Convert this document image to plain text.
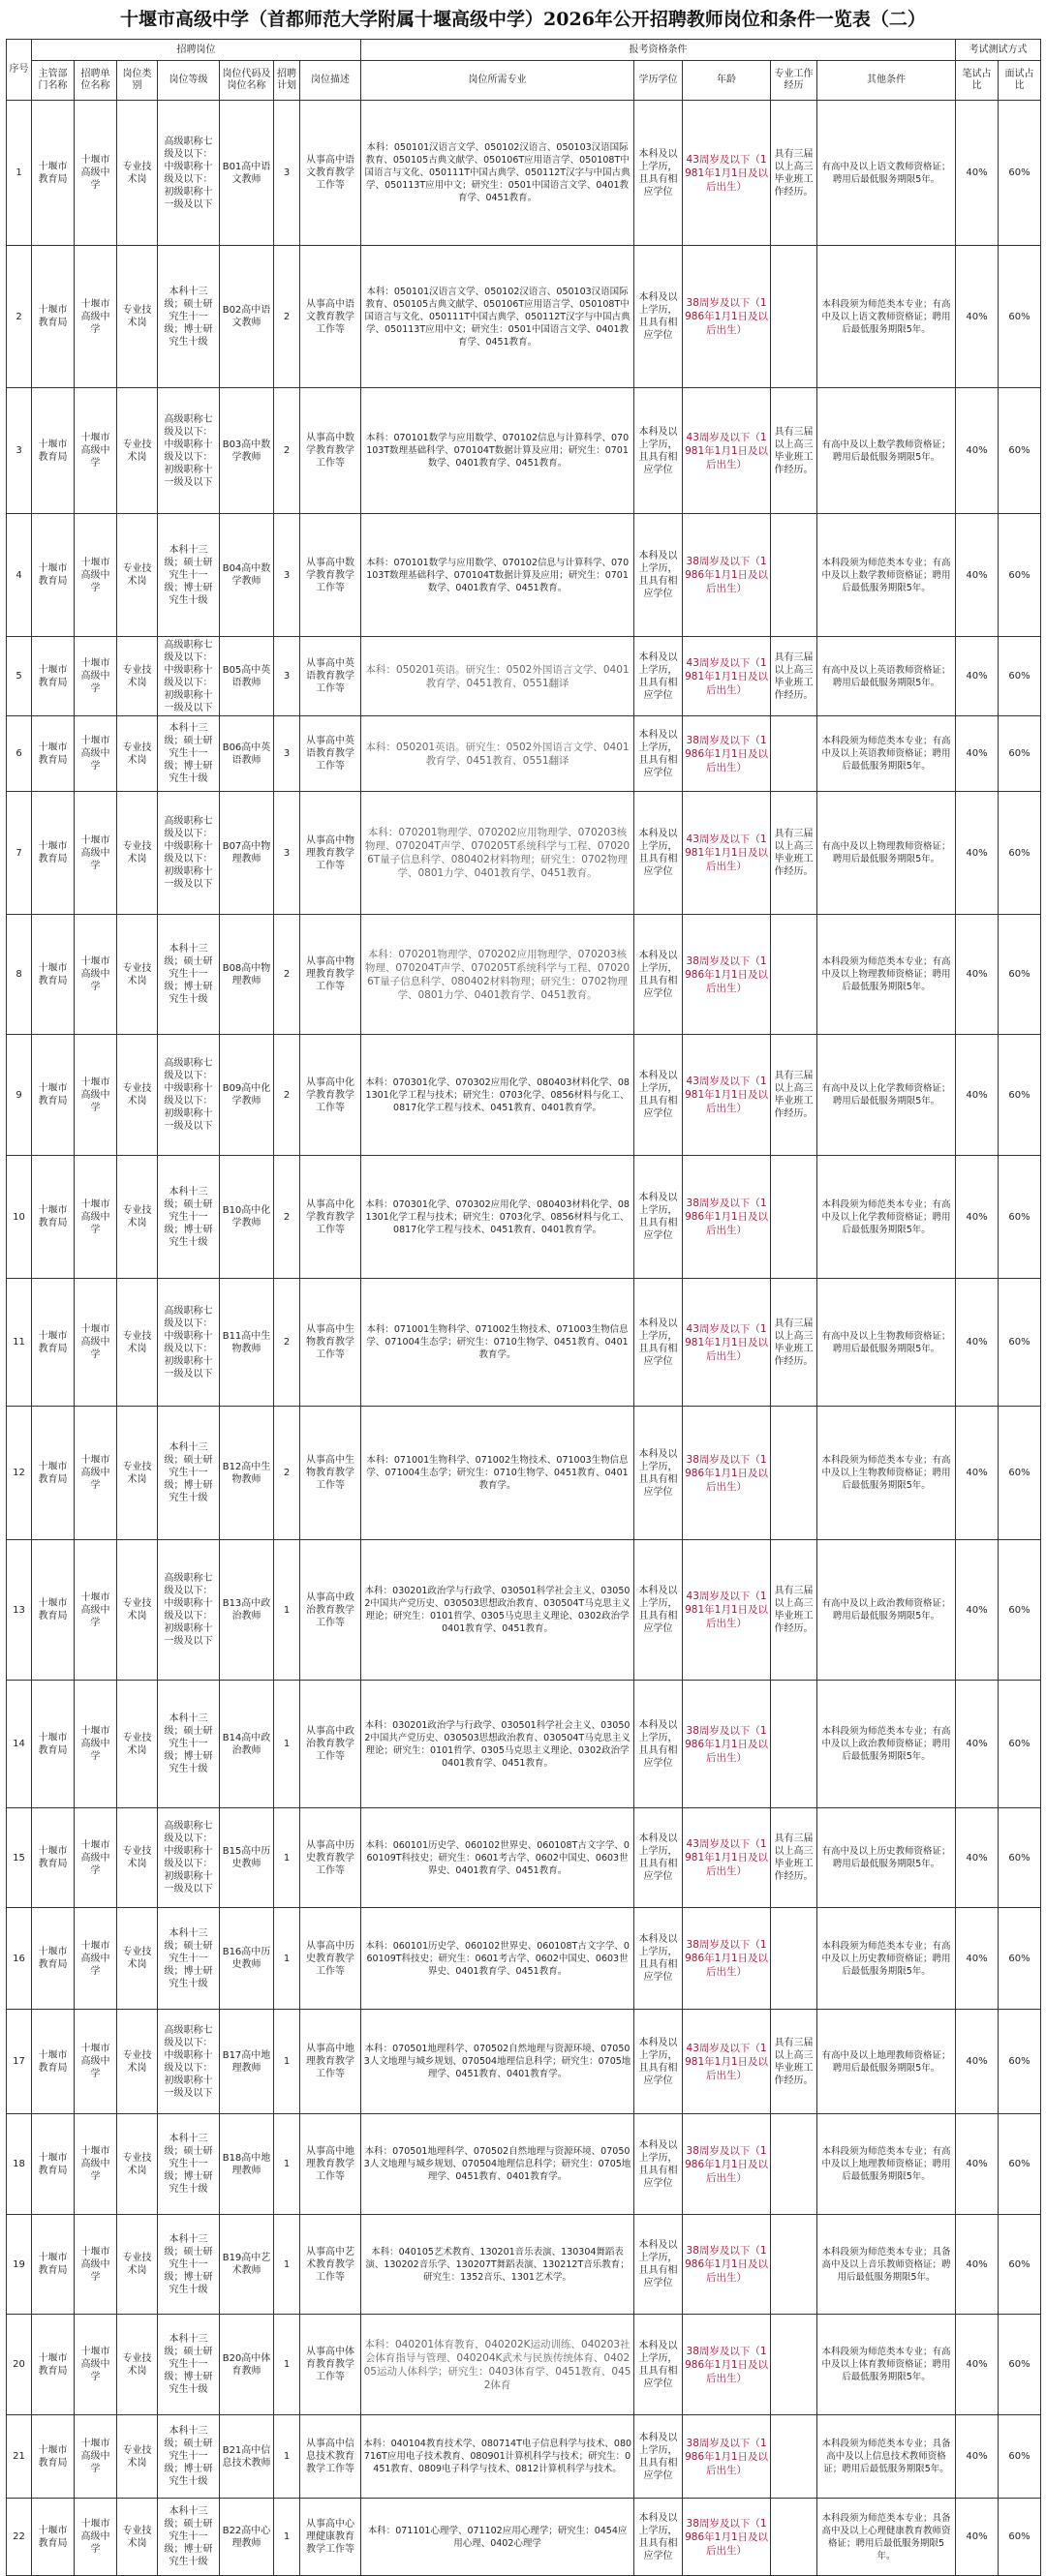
十堰市高级中学（首都师范大学附属十堰高级中学）2026年公开招聘教师岗位和条件一览表（二）
序号	招聘岗位							报考资格条件					考试测试方式	
	主管部门名称	招聘单位名称	岗位类别	岗位等级	岗位代码及岗位名称	招聘计划	岗位描述	岗位所需专业	学历学位	年龄	专业工作经历	其他条件	笔试占比	面试占比
1	十堰市教育局	十堰市高级中学	专业技术岗	高级职称七级及以下：中级职称十级及以下：初级职称十一级及以下	B01高中语文教师	3	从事高中语文教育教学工作等	本科：050101汉语言文学、050102汉语言、050103汉语国际教育、050105古典文献学、050106T应用语言学、050108T中国语言与文化、050111T中国古典学、050112T汉字与中国古典学、050113T应用中文；研究生：0501中国语言文学、0401教育学、0451教育。	本科及以上学历，且具有相应学位	43周岁及以下（1981年1月1日及以后出生）	具有三届以上高三毕业班工作经历。	有高中及以上语文教师资格证；聘用后最低服务期限5年。	40%	60%
2	十堰市教育局	十堰市高级中学	专业技术岗	本科十三级；硕士研究生十一级；博士研究生十级	B02高中语文教师	2	从事高中语文教育教学工作等	本科：050101汉语言文学、050102汉语言、050103汉语国际教育、050105古典文献学、050106T应用语言学、050108T中国语言与文化、050111T中国古典学、050112T汉字与中国古典学、050113T应用中文；研究生：0501中国语言文学、0401教育学、0451教育。	本科及以上学历，且具有相应学位	38周岁及以下（1986年1月1日及以后出生）		本科段须为师范类本专业；有高中及以上语文教师资格证；聘用后最低服务期限5年。	40%	60%
3	十堰市教育局	十堰市高级中学	专业技术岗	高级职称七级及以下：中级职称十级及以下：初级职称十一级及以下	B03高中数学教师	2	从事高中数学教育教学工作等	本科：070101数学与应用数学、070102信息与计算科学、070103T数理基础科学、070104T数据计算及应用；研究生：0701数学、0401教育学、0451教育。	本科及以上学历，且具有相应学位	43周岁及以下（1981年1月1日及以后出生）	具有三届以上高三毕业班工作经历。	有高中及以上数学教师资格证；聘用后最低服务期限5年。	40%	60%
4	十堰市教育局	十堰市高级中学	专业技术岗	本科十三级；硕士研究生十一级；博士研究生十级	B04高中数学教师	3	从事高中数学教育教学工作等	本科：070101数学与应用数学、070102信息与计算科学、070103T数理基础科学、070104T数据计算及应用；研究生：0701数学、0401教育学、0451教育。	本科及以上学历，且具有相应学位	38周岁及以下（1986年1月1日及以后出生）		本科段须为师范类本专业；有高中及以上数学教师资格证；聘用后最低服务期限5年。	40%	60%
5	十堰市教育局	十堰市高级中学	专业技术岗	高级职称七级及以下：中级职称十级及以下：初级职称十一级及以下	B05高中英语教师	3	从事高中英语教育教学工作等	本科：050201英语。研究生：0502外国语言文学、0401教育学、0451教育、0551翻译	本科及以上学历，且具有相应学位	43周岁及以下（1981年1月1日及以后出生）	具有三届以上高三毕业班工作经历。	有高中及以上英语教师资格证；聘用后最低服务期限5年。	40%	60%
6	十堰市教育局	十堰市高级中学	专业技术岗	本科十三级；硕士研究生十一级；博士研究生十级	B06高中英语教师	3	从事高中英语教育教学工作等	本科：050201英语。研究生：0502外国语言文学、0401教育学、0451教育、0551翻译	本科及以上学历，且具有相应学位	38周岁及以下（1986年1月1日及以后出生）		本科段须为师范类本专业；有高中及以上英语教师资格证；聘用后最低服务期限5年。	40%	60%
7	十堰市教育局	十堰市高级中学	专业技术岗	高级职称七级及以下：中级职称十级及以下：初级职称十一级及以下	B07高中物理教师	3	从事高中物理教育教学工作等	本科：070201物理学、070202应用物理学、070203核物理、070204T声学、070205T系统科学与工程、070206T量子信息科学、080402材料物理；研究生：0702物理学、0801力学、0401教育学、0451教育。	本科及以上学历，且具有相应学位	43周岁及以下（1981年1月1日及以后出生）	具有三届以上高三毕业班工作经历。	有高中及以上物理教师资格证；聘用后最低服务期限5年。	40%	60%
8	十堰市教育局	十堰市高级中学	专业技术岗	本科十三级；硕士研究生十一级；博士研究生十级	B08高中物理教师	2	从事高中物理教育教学工作等	本科：070201物理学、070202应用物理学、070203核物理、070204T声学、070205T系统科学与工程、070206T量子信息科学、080402材料物理；研究生：0702物理学、0801力学、0401教育学、0451教育。	本科及以上学历，且具有相应学位	38周岁及以下（1986年1月1日及以后出生）		本科段须为师范类本专业；有高中及以上物理教师资格证；聘用后最低服务期限5年。	40%	60%
9	十堰市教育局	十堰市高级中学	专业技术岗	高级职称七级及以下：中级职称十级及以下：初级职称十一级及以下	B09高中化学教师	2	从事高中化学教育教学工作等	本科：070301化学、070302应用化学、080403材料化学、081301化学工程与技术；研究生：0703化学、0856材料与化工、0817化学工程与技术、0451教育、0401教育学。	本科及以上学历，且具有相应学位	43周岁及以下（1981年1月1日及以后出生）	具有三届以上高三毕业班工作经历。	有高中及以上化学教师资格证；聘用后最低服务期限5年。	40%	60%
10	十堰市教育局	十堰市高级中学	专业技术岗	本科十三级；硕士研究生十一级；博士研究生十级	B10高中化学教师	2	从事高中化学教育教学工作等	本科：070301化学、070302应用化学、080403材料化学、081301化学工程与技术；研究生：0703化学、0856材料与化工、0817化学工程与技术、0451教育、0401教育学。	本科及以上学历，且具有相应学位	38周岁及以下（1986年1月1日及以后出生）		本科段须为师范类本专业；有高中及以上化学教师资格证；聘用后最低服务期限5年。	40%	60%
11	十堰市教育局	十堰市高级中学	专业技术岗	高级职称七级及以下：中级职称十级及以下：初级职称十一级及以下	B11高中生物教师	2	从事高中生物教育教学工作等	本科：071001生物科学、071002生物技术、071003生物信息学、071004生态学；研究生：0710生物学、0451教育、0401教育学。	本科及以上学历，且具有相应学位	43周岁及以下（1981年1月1日及以后出生）	具有三届以上高三毕业班工作经历。	有高中及以上生物教师资格证；聘用后最低服务期限5年。	40%	60%
12	十堰市教育局	十堰市高级中学	专业技术岗	本科十三级；硕士研究生十一级；博士研究生十级	B12高中生物教师	2	从事高中生物教育教学工作等	本科：071001生物科学、071002生物技术、071003生物信息学、071004生态学；研究生：0710生物学、0451教育、0401教育学。	本科及以上学历，且具有相应学位	38周岁及以下（1986年1月1日及以后出生）		本科段须为师范类本专业；有高中及以上生物教师资格证；聘用后最低服务期限5年。	40%	60%
13	十堰市教育局	十堰市高级中学	专业技术岗	高级职称七级及以下：中级职称十级及以下：初级职称十一级及以下	B13高中政治教师	1	从事高中政治教育教学工作等	本科：030201政治学与行政学、030501科学社会主义、030502中国共产党历史、030503思想政治教育、030504T马克思主义理论；研究生：0101哲学、0305马克思主义理论、0302政治学0401教育学、0451教育。	本科及以上学历，且具有相应学位	43周岁及以下（1981年1月1日及以后出生）	具有三届以上高三毕业班工作经历。	有高中及以上政治教师资格证；聘用后最低服务期限5年。	40%	60%
14	十堰市教育局	十堰市高级中学	专业技术岗	本科十三级；硕士研究生十一级；博士研究生十级	B14高中政治教师	1	从事高中政治教育教学工作等	本科：030201政治学与行政学、030501科学社会主义、030502中国共产党历史、030503思想政治教育、030504T马克思主义理论；研究生：0101哲学、0305马克思主义理论、0302政治学0401教育学、0451教育。	本科及以上学历，且具有相应学位	38周岁及以下（1986年1月1日及以后出生）		本科段须为师范类本专业；有高中及以上政治教师资格证；聘用后最低服务期限5年。	40%	60%
15	十堰市教育局	十堰市高级中学	专业技术岗	高级职称七级及以下：中级职称十级及以下：初级职称十一级及以下	B15高中历史教师	1	从事高中历史教育教学工作等	本科：060101历史学、060102世界史、060108T古文字学、060109T科技史；研究生：0601考古学、0602中国史、0603世界史、0401教育学、0451教育。	本科及以上学历，且具有相应学位	43周岁及以下（1981年1月1日及以后出生）	具有三届以上高三毕业班工作经历。	有高中及以上历史教师资格证；聘用后最低服务期限5年。	40%	60%
16	十堰市教育局	十堰市高级中学	专业技术岗	本科十三级；硕士研究生十一级；博士研究生十级	B16高中历史教师	1	从事高中历史教育教学工作等	本科：060101历史学、060102世界史、060108T古文字学、060109T科技史；研究生：0601考古学、0602中国史、0603世界史、0401教育学、0451教育。	本科及以上学历，且具有相应学位	38周岁及以下（1986年1月1日及以后出生）		本科段须为师范类本专业；有高中及以上历史教师资格证；聘用后最低服务期限5年。	40%	60%
17	十堰市教育局	十堰市高级中学	专业技术岗	高级职称七级及以下：中级职称十级及以下：初级职称十一级及以下	B17高中地理教师	1	从事高中地理教育教学工作等	本科：070501地理科学、070502自然地理与资源环境、070503人文地理与城乡规划、070504地理信息科学；研究生：0705地理学、0451教育、0401教育学。	本科及以上学历，且具有相应学位	43周岁及以下（1981年1月1日及以后出生）	具有三届以上高三毕业班工作经历。	有高中及以上地理教师资格证；聘用后最低服务期限5年。	40%	60%
18	十堰市教育局	十堰市高级中学	专业技术岗	本科十三级；硕士研究生十一级；博士研究生十级	B18高中地理教师	1	从事高中地理教育教学工作等	本科：070501地理科学、070502自然地理与资源环境、070503人文地理与城乡规划、070504地理信息科学；研究生：0705地理学、0451教育、0401教育学。	本科及以上学历，且具有相应学位	38周岁及以下（1986年1月1日及以后出生）		本科段须为师范类本专业；有高中及以上地理教师资格证；聘用后最低服务期限5年。	40%	60%
19	十堰市教育局	十堰市高级中学	专业技术岗	本科十三级；硕士研究生十一级；博士研究生十级	B19高中艺术教师	1	从事高中艺术教育教学工作等	本科：040105艺术教育、130201音乐表演、130304舞蹈表演、130202音乐学、130207T舞蹈表演、130212T音乐教育；研究生：1352音乐、1301艺术学。	本科及以上学历，且具有相应学位	38周岁及以下（1986年1月1日及以后出生）		本科段须为师范类本专业；具备高中及以上音乐教师资格证；聘用后最低服务期限5年。	40%	60%
20	十堰市教育局	十堰市高级中学	专业技术岗	本科十三级；硕士研究生十一级；博士研究生十级	B20高中体育教师	1	从事高中体育教育教学工作等	本科：040201体育教育、040202K运动训练、040203社会体育指导与管理、040204K武术与民族传统体育、040205运动人体科学；研究生：0403体育学、0451教育、0452体育	本科及以上学历，且具有相应学位	38周岁及以下（1986年1月1日及以后出生）		本科段须为师范类本专业；有高中及以上体育教师资格证；聘用后最低服务期限5年。	40%	60%
21	十堰市教育局	十堰市高级中学	专业技术岗	本科十三级；硕士研究生十一级；博士研究生十级	B21高中信息技术教师	1	从事高中信息技术教育教学工作等	本科：040104教育技术学、080714T电子信息科学与技术、080716T应用电子技术教育、080901计算机科学与技术；研究生：0451教育、0809电子科学与技术、0812计算机科学与技术。	本科及以上学历，且具有相应学位	38周岁及以下（1986年1月1日及以后出生）		本科段须为师范类本专业；具备高中及以上信息技术教师资格证；聘用后最低服务期限5年。	40%	60%
22	十堰市教育局	十堰市高级中学	专业技术岗	本科十三级；硕士研究生十一级；博士研究生十级	B22高中心理教师	1	从事高中心理健康教育教学工作等	本科：071101心理学、071102应用心理学；研究生：0454应用心理、0402心理学	本科及以上学历，且具有相应学位	38周岁及以下（1986年1月1日及以后出生）		本科段须为师范类本专业；具备高中及以上心理健康教育教师资格证；聘用后最低服务期限5年。	40%	60%
